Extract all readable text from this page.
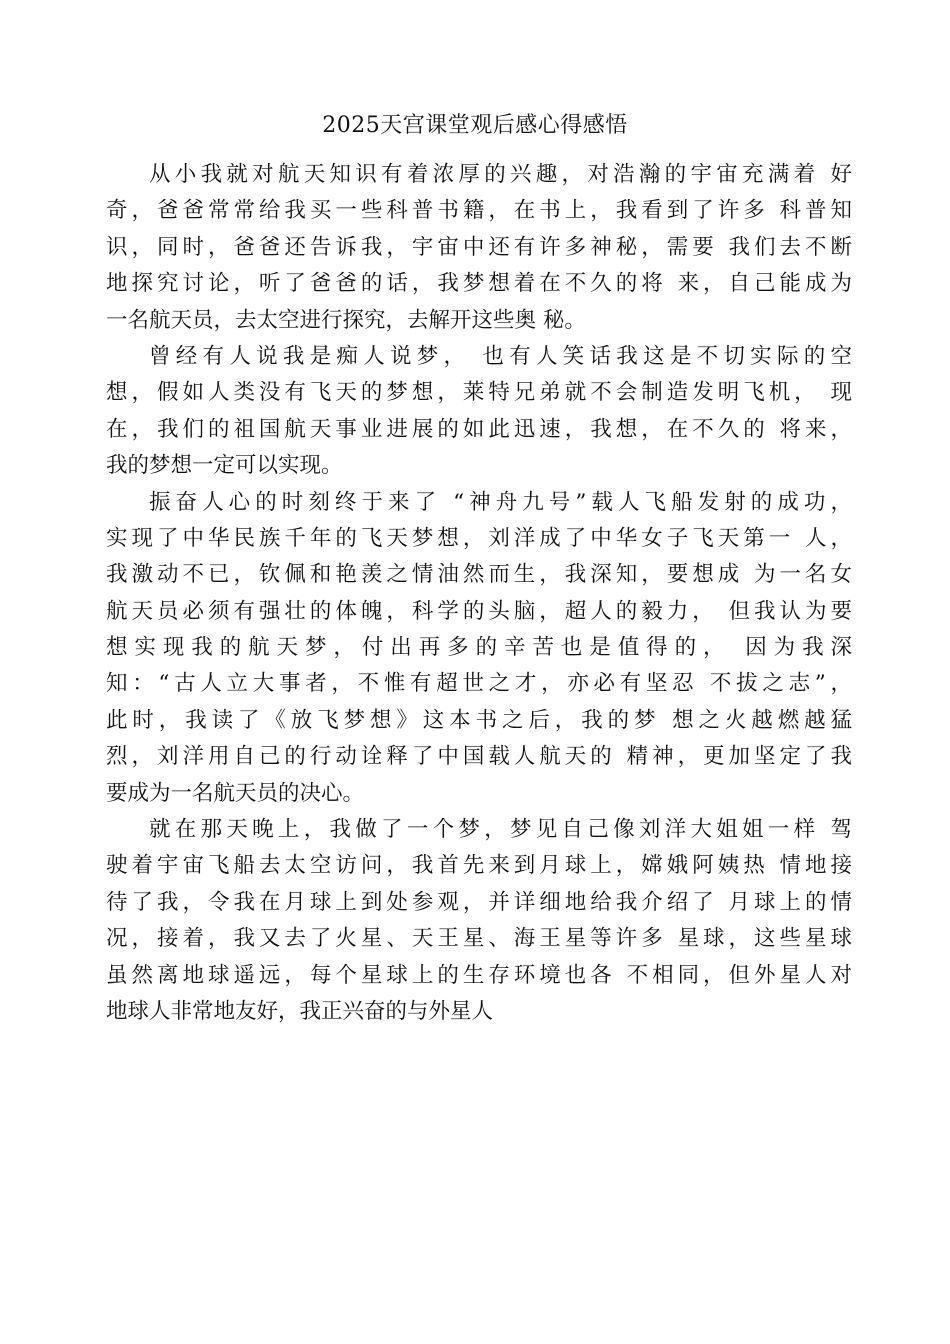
2025天宫课堂观后感心得感悟
从小我就对航天知识有着浓厚的兴趣，对浩瀚的宇宙充满着 好
奇，爸爸常常给我买一些科普书籍，在书上，我看到了许多 科普知
识，同时，爸爸还告诉我，宇宙中还有许多神秘，需要 我们去不断
地探究讨论，听了爸爸的话，我梦想着在不久的将 来，自己能成为
一名航天员，去太空进行探究，去解开这些奥 秘。
曾经有人说我是痴人说梦， 也有人笑话我这是不切实际的空
想，假如人类没有飞天的梦想，莱特兄弟就不会制造发明飞机， 现
在，我们的祖国航天事业进展的如此迅速，我想，在不久的 将来，
我的梦想一定可以实现。
振奋人心的时刻终于来了 “神舟九号”载人飞船发射的成功，
实现了中华民族千年的飞天梦想，刘洋成了中华女子飞天第一 人，
我激动不已，钦佩和艳羡之情油然而生，我深知，要想成 为一名女
航天员必须有强壮的体魄，科学的头脑，超人的毅力， 但我认为要
想实现我的航天梦，付出再多的辛苦也是值得的， 因为我深
知：“古人立大事者，不惟有超世之才，亦必有坚忍 不拔之志”，
此时，我读了《放飞梦想》这本书之后，我的梦 想之火越燃越猛
烈，刘洋用自己的行动诠释了中国载人航天的 精神，更加坚定了我
要成为一名航天员的决心。
就在那天晚上，我做了一个梦，梦见自己像刘洋大姐姐一样 驾
驶着宇宙飞船去太空访问，我首先来到月球上，嫦娥阿姨热 情地接
待了我，令我在月球上到处参观，并详细地给我介绍了 月球上的情
况，接着，我又去了火星、天王星、海王星等许多 星球，这些星球
虽然离地球遥远，每个星球上的生存环境也各 不相同，但外星人对
地球人非常地友好，我正兴奋的与外星人
